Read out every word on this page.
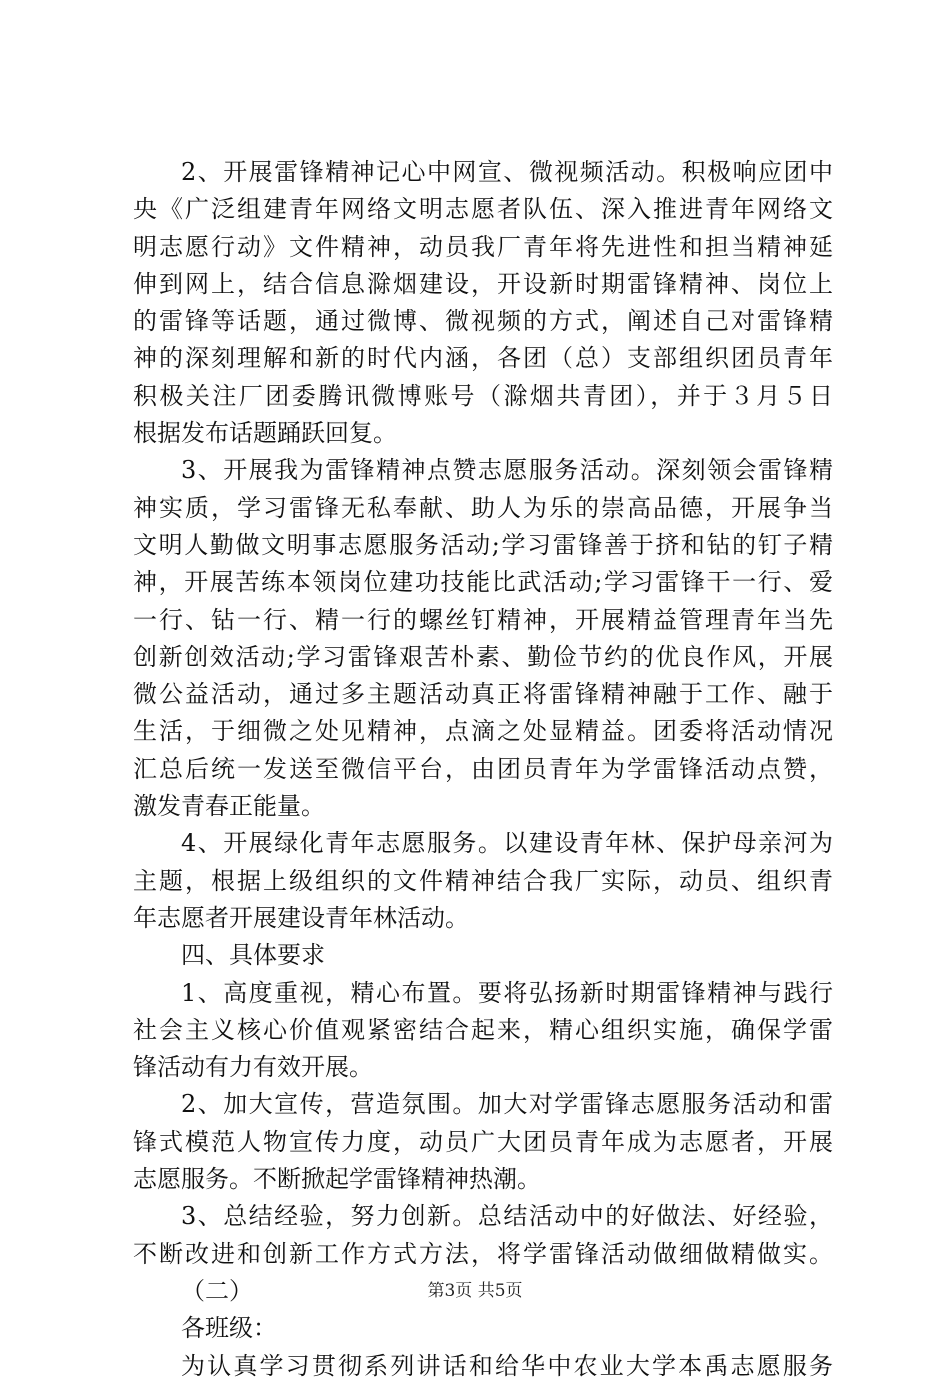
2、开展雷锋精神记心中网宣、微视频活动。积极响应团中
央《广泛组建青年网络文明志愿者队伍、深入推进青年网络文
明志愿行动》文件精神，动员我厂青年将先进性和担当精神延
伸到网上，结合信息滁烟建设，开设新时期雷锋精神、岗位上
的雷锋等话题，通过微博、微视频的方式，阐述自己对雷锋精
神的深刻理解和新的时代内涵，各团（总）支部组织团员青年
积极关注厂团委腾讯微博账号（滁烟共青团），并于３月５日
根据发布话题踊跃回复。
3、开展我为雷锋精神点赞志愿服务活动。深刻领会雷锋精
神实质，学习雷锋无私奉献、助人为乐的崇高品德，开展争当
文明人勤做文明事志愿服务活动;学习雷锋善于挤和钻的钉子精
神，开展苦练本领岗位建功技能比武活动;学习雷锋干一行、爱
一行、钻一行、精一行的螺丝钉精神，开展精益管理青年当先
创新创效活动;学习雷锋艰苦朴素、勤俭节约的优良作风，开展
微公益活动，通过多主题活动真正将雷锋精神融于工作、融于
生活，于细微之处见精神，点滴之处显精益。团委将活动情况
汇总后统一发送至微信平台，由团员青年为学雷锋活动点赞，
激发青春正能量。
4、开展绿化青年志愿服务。以建设青年林、保护母亲河为
主题，根据上级组织的文件精神结合我厂实际，动员、组织青
年志愿者开展建设青年林活动。
四、具体要求
1、高度重视，精心布置。要将弘扬新时期雷锋精神与践行
社会主义核心价值观紧密结合起来，精心组织实施，确保学雷
锋活动有力有效开展。
2、加大宣传，营造氛围。加大对学雷锋志愿服务活动和雷
锋式模范人物宣传力度，动员广大团员青年成为志愿者，开展
志愿服务。不断掀起学雷锋精神热潮。
3、总结经验，努力创新。总结活动中的好做法、好经验，
不断改进和创新工作方式方法，将学雷锋活动做细做精做实。
（二）
各班级：
为认真学习贯彻系列讲话和给华中农业大学本禹志愿服务
第3页 共5页
